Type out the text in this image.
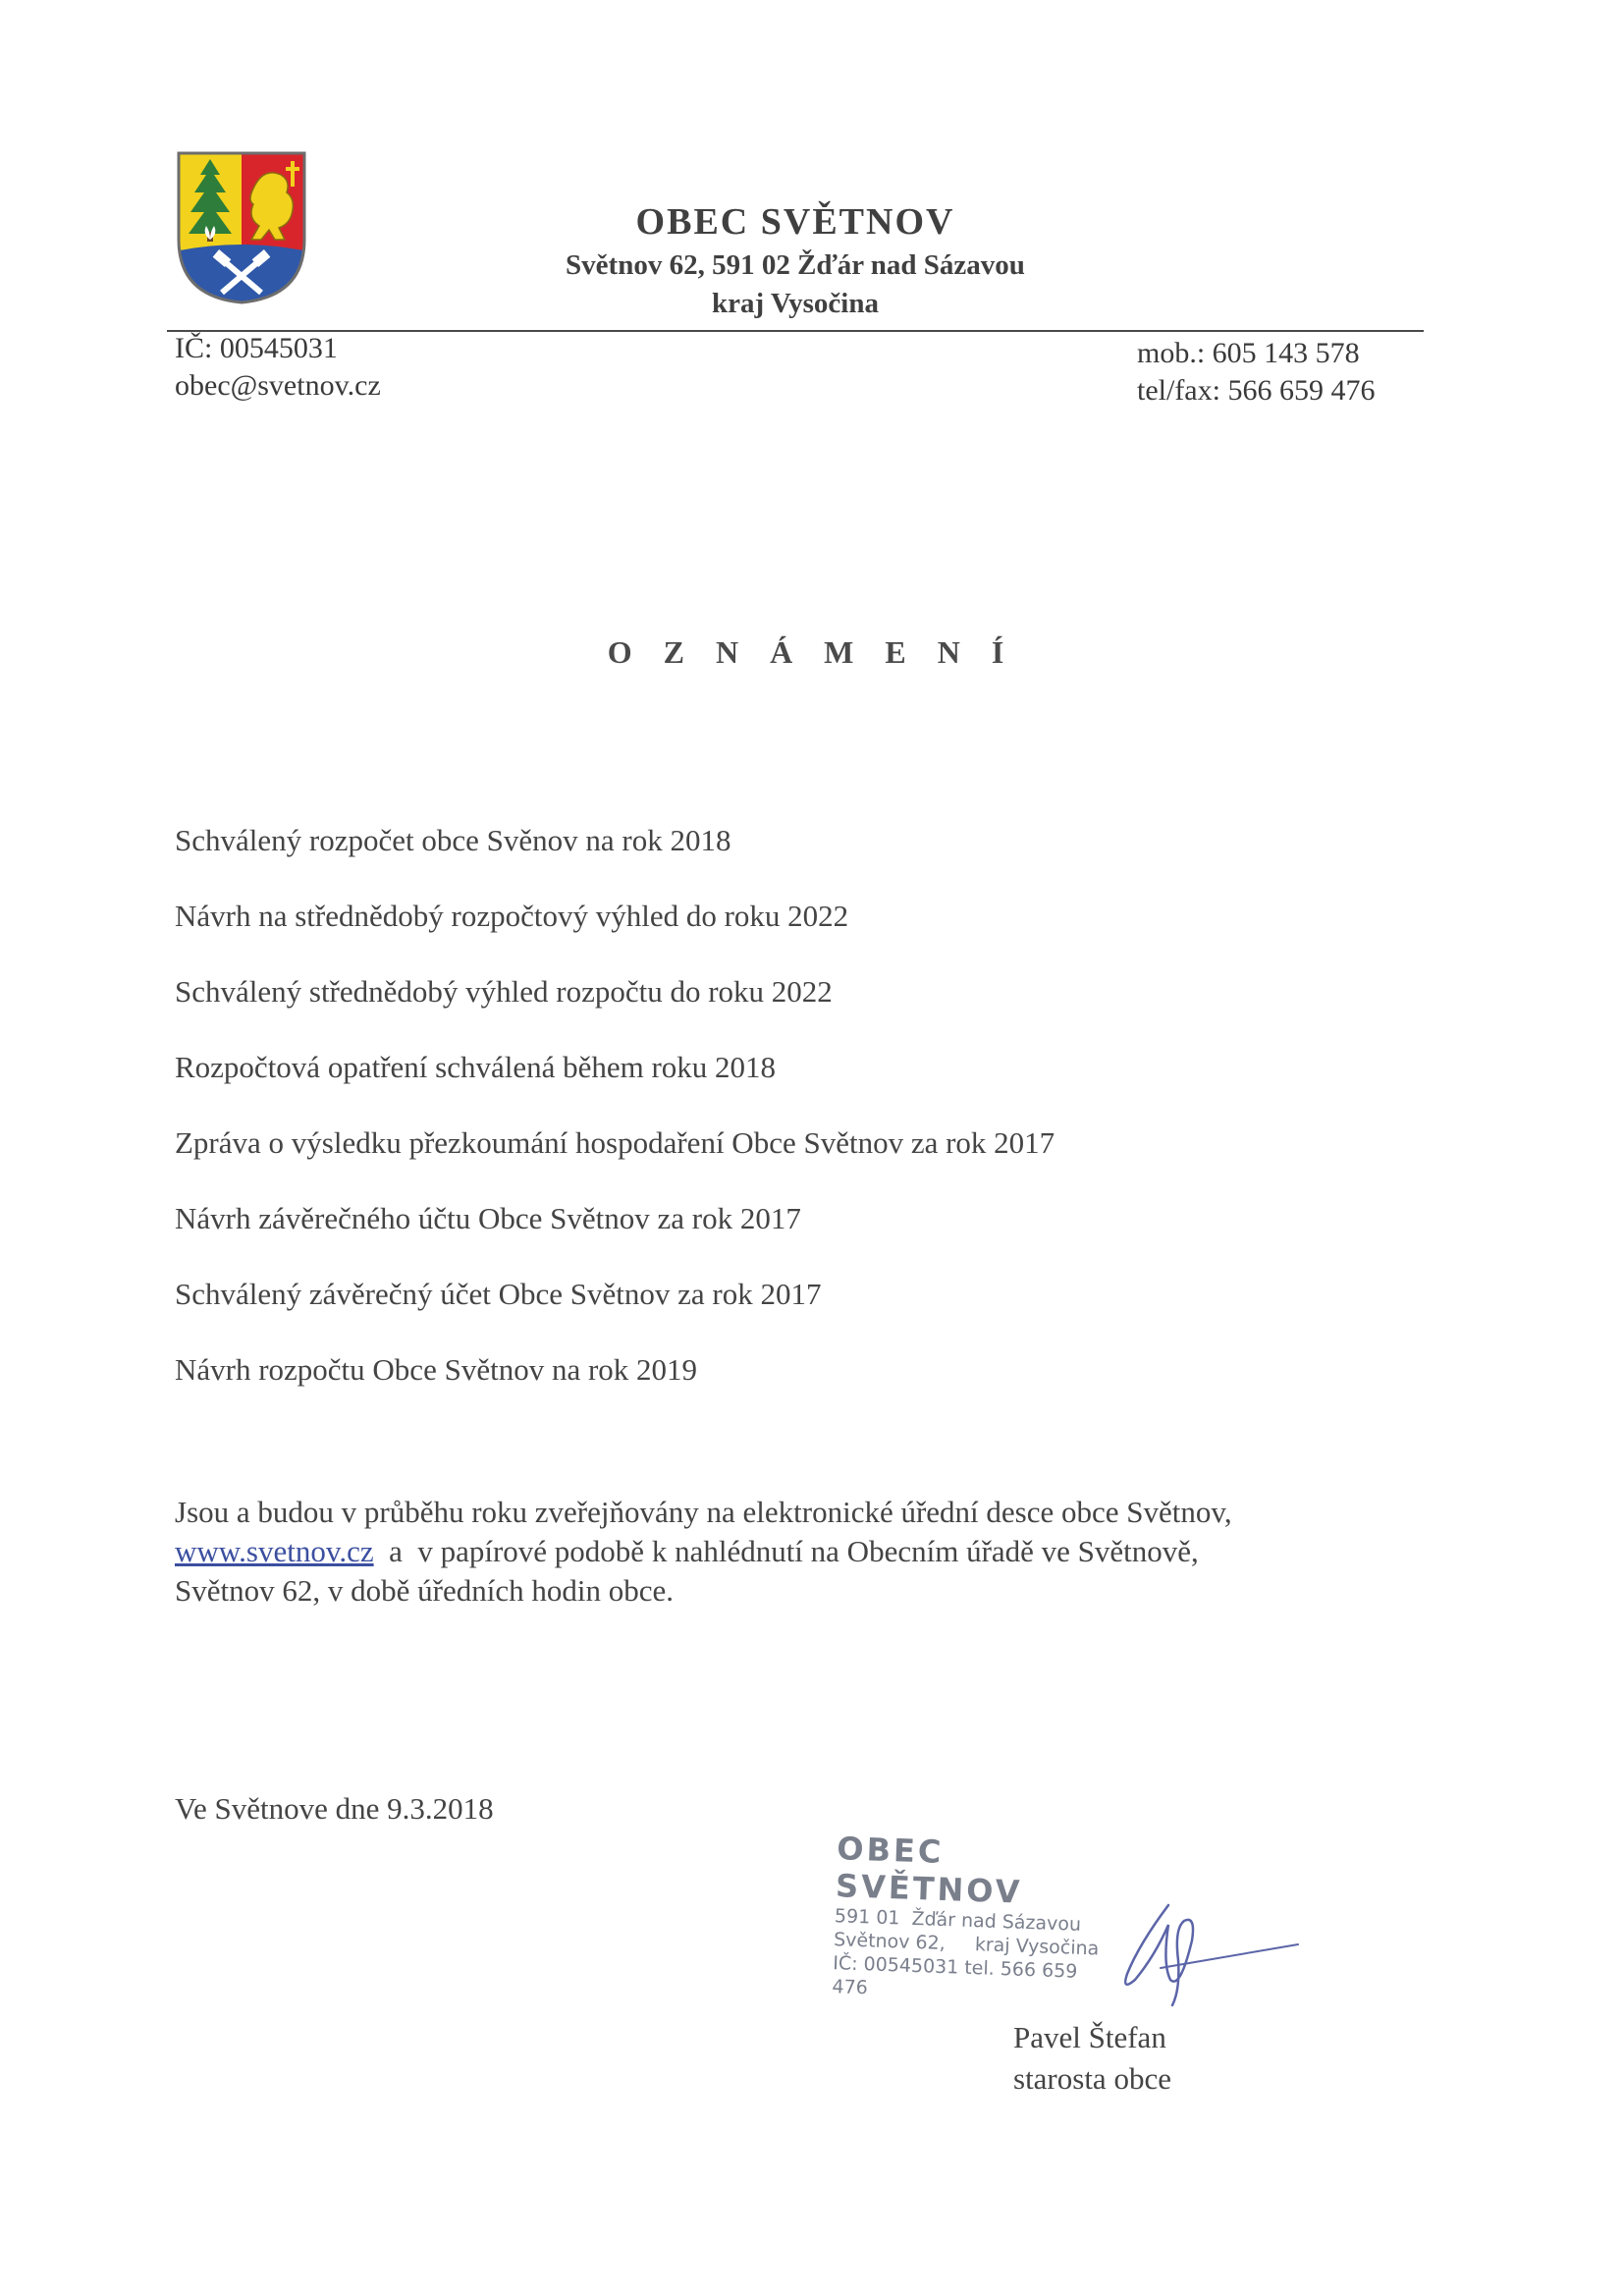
OBEC SVĚTNOV
Světnov 62, 591 02 Žďár nad Sázavou
kraj Vysočina
IČ: 00545031
obec@svetnov.cz
mob.: 605 143 578
tel/fax: 566 659 476
O Z N Á M E N Í
Schválený rozpočet obce Svěnov na rok 2018
Návrh na střednědobý rozpočtový výhled do roku 2022
Schválený střednědobý výhled rozpočtu do roku 2022
Rozpočtová opatření schválená během roku 2018
Zpráva o výsledku přezkoumání hospodaření Obce Světnov za rok 2017
Návrh závěrečného účtu Obce Světnov za rok 2017
Schválený závěrečný účet Obce Světnov za rok 2017
Návrh rozpočtu Obce Světnov na rok 2019
Jsou a budou v průběhu roku zveřejňovány na elektronické úřední desce obce Světnov,
www.svetnov.cz  a  v papírové podobě k nahlédnutí na Obecním úřadě ve Světnově,
Světnov 62, v době úředních hodin obce.
Ve Světnove dne 9.3.2018
OBEC SVĚTNOV
591 01  Žďár nad Sázavou
Světnov 62,     kraj Vysočina
IČ: 00545031 tel. 566 659 476
Pavel Štefan
starosta obce
